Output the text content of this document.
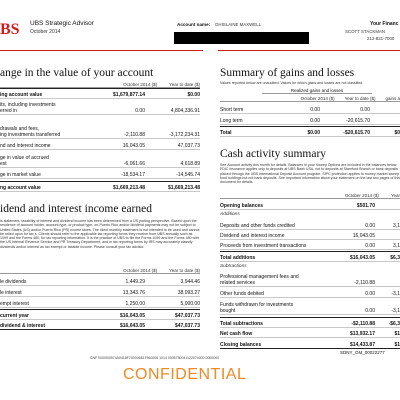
BS UBS Strategic Advisor
October 2014
Account name: GHISLAINE MAXWELL	Your Financ
SCOTT STACKMAN
212-821-7000
ange in the value of your account
October 2014 ($)	Year to date ($)
ing account value	$1,679,877.14	$0.00
its, including investments
erred in	0.00	4,804,336.91
drawals and fees,
ing investments transferred	-2,110.88	-3,172,234.31
nd and interest income	16,043.05	47,037.73
ge in value of accrued
est	-6,061.66	4,618.89
ge in market value	-18,534.17	-14,545.74
ng account value	$1,669,213.48	$1,669,213.48
idend and interest income earned
is statement, taxability of interest and dividend income has been determined from a US porting perspective. Based upon the residence of account holder, account type, or product type, on-Puerto Rico and/or dividend payments may not be subject to United States (US) and/or Puerto Rico (PR) ncome taxes. The client monthly statement is not intended to be used and cannot be relied upon for tax s. Clients should refer to the applicable tax reporting forms they receive from UBS annually such as 1099 and the Forms 480, for tax reporting information. It is the practice of UBS to file the Forms 1099 and the Forms 480 with the US Internal Revenue Service and PR Treasury Department, and in tax reporting forms by IRS may accurately classify dividends and/or interest as tax exempt or taxable income. Please consult your tax advisor.
October 2014 ($)	Year to date ($)
le dividends	1,449.29	3,944.46
le interest	13,343.76	38,093.27
empt interest	1,250.00	5,000.00
current year	$16,043.05	$47,037.73
dividend & interest	$16,043.05	$47,037.73
Summary of gains and losses
Values reported below are unaudited. Values for which gains and losses are not classified.
Realized gains and losses
October 2014 ($) Year to date ($) gains a
Short term	0.00	0.00
Long term	0.00	-20,615.70
Total	$0.00	-$20,615.70	$0
Cash activity summary
See Account activity this month for details. Balances in your Sweep Options are included in the balances below. FDIC insurance applies only to deposits at UBS Bank USA, not to deposits at Stamford Branch or bank deposits placed through the UBS International Deposit Account program. SIPC protection applies to money market sweep fund holdings but not bank deposits. See important information about your statement on the last two pages of this document for details.
October 2014 ($)	Year
Opening balances	$501.70
Additions
Deposits and other funds credited	0.00	3,1
Dividend and interest income	16,043.05
Proceeds from investment transactions	0.00	3,1
Total additions	$16,043.05	$6,3
Subtractions
Professional management fees and
related services	-2,110.88
Other funds debited	0.00	-3,1
Funds withdrawn for investments
bought	0.00	-3,1
Total subtractions	-$2,110.88	-$6,3
Net cash flow	$13,932.17	$1
Closing balances	$14,433.87	$1
SDNY_GM_00022277
CNF7000900574A0418F700006817960006 1014 0305750041122074000 0000000
CONFIDENTIAL
